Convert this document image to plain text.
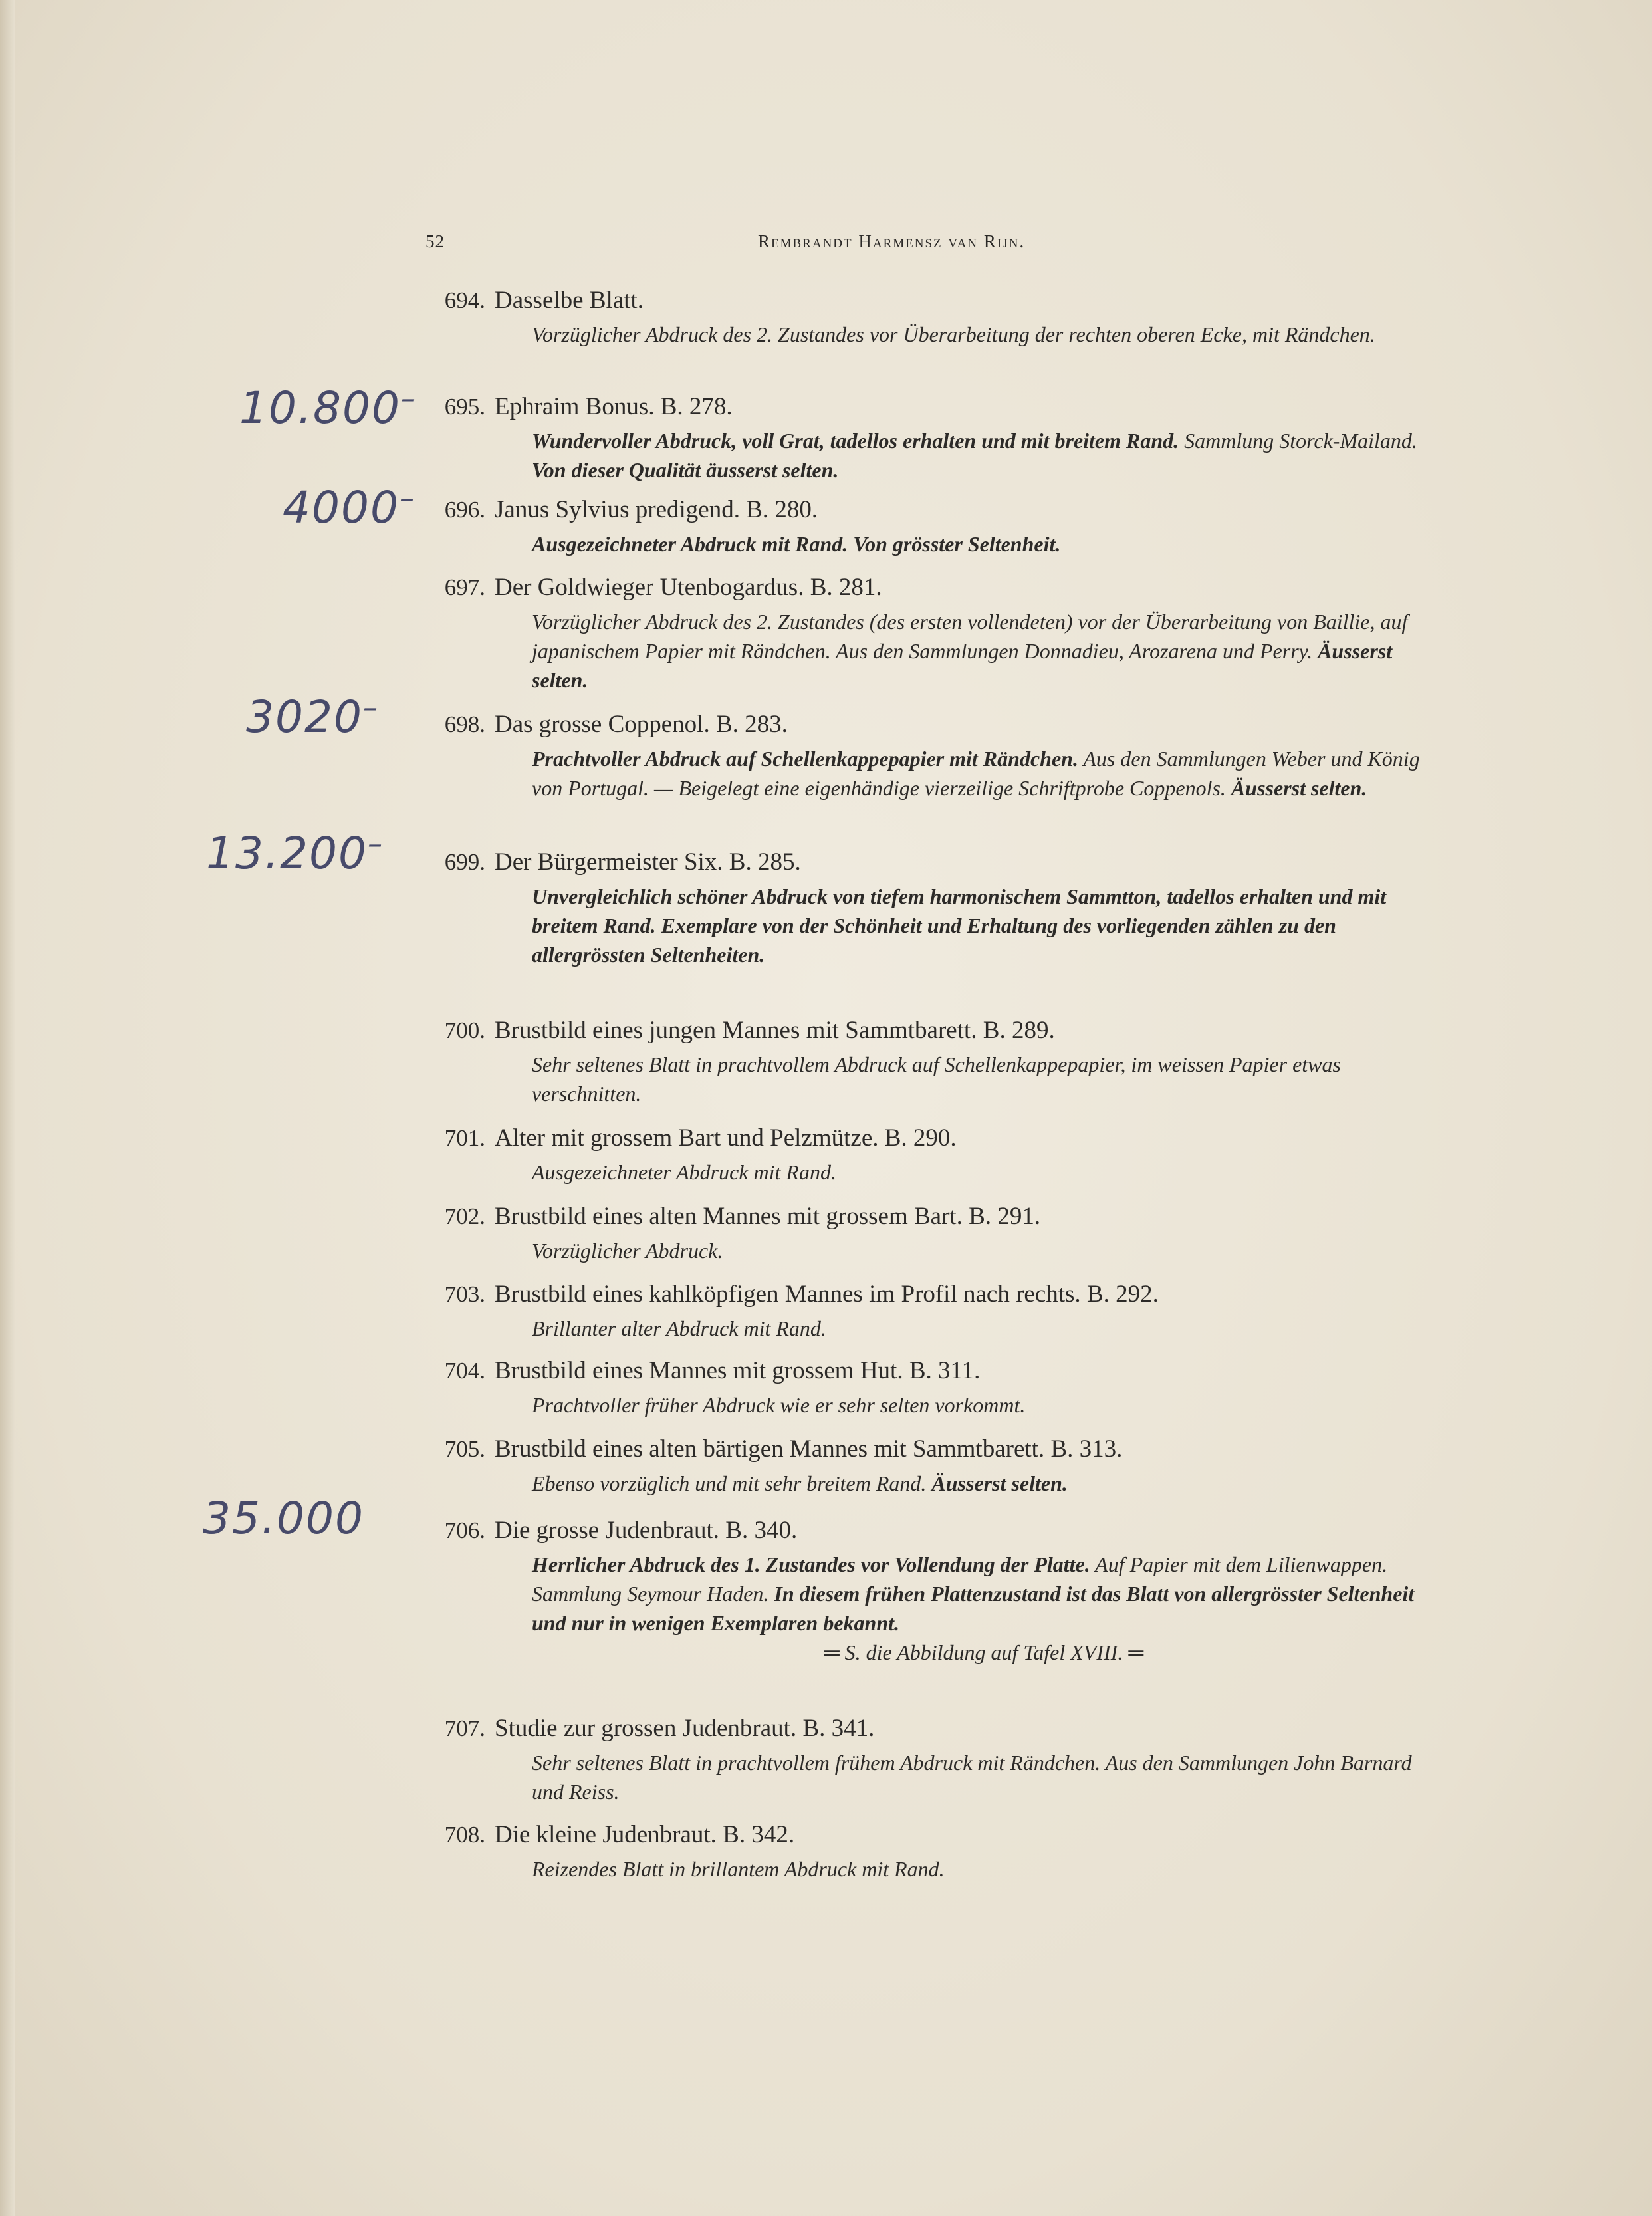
52	Rembrandt Harmensz van Rijn.
10.800–
4000–
3020–
13.200–
35.000
694. Dasselbe Blatt.
Vorzüglicher Abdruck des 2. Zustandes vor Überarbeitung der rechten oberen Ecke, mit Rändchen.
695. Ephraim Bonus. B. 278.
Wundervoller Abdruck, voll Grat, tadellos erhalten und mit breitem Rand. Sammlung Storck-Mailand. Von dieser Qualität äusserst selten.
696. Janus Sylvius predigend. B. 280.
Ausgezeichneter Abdruck mit Rand. Von grösster Seltenheit.
697. Der Goldwieger Utenbogardus. B. 281.
Vorzüglicher Abdruck des 2. Zustandes (des ersten vollendeten) vor der Überarbeitung von Baillie, auf japanischem Papier mit Rändchen. Aus den Sammlungen Donnadieu, Arozarena und Perry. Äusserst selten.
698. Das grosse Coppenol. B. 283.
Prachtvoller Abdruck auf Schellenkappepapier mit Rändchen. Aus den Sammlungen Weber und König von Portugal. — Beigelegt eine eigenhändige vierzeilige Schriftprobe Coppenols. Äusserst selten.
699. Der Bürgermeister Six. B. 285.
Unvergleichlich schöner Abdruck von tiefem harmonischem Sammtton, tadellos erhalten und mit breitem Rand. Exemplare von der Schönheit und Erhaltung des vorliegenden zählen zu den allergrössten Seltenheiten.
700. Brustbild eines jungen Mannes mit Sammtbarett. B. 289.
Sehr seltenes Blatt in prachtvollem Abdruck auf Schellenkappepapier, im weissen Papier etwas verschnitten.
701. Alter mit grossem Bart und Pelzmütze. B. 290.
Ausgezeichneter Abdruck mit Rand.
702. Brustbild eines alten Mannes mit grossem Bart. B. 291.
Vorzüglicher Abdruck.
703. Brustbild eines kahlköpfigen Mannes im Profil nach rechts. B. 292.
Brillanter alter Abdruck mit Rand.
704. Brustbild eines Mannes mit grossem Hut. B. 311.
Prachtvoller früher Abdruck wie er sehr selten vorkommt.
705. Brustbild eines alten bärtigen Mannes mit Sammtbarett. B. 313.
Ebenso vorzüglich und mit sehr breitem Rand. Äusserst selten.
706. Die grosse Judenbraut. B. 340.
Herrlicher Abdruck des 1. Zustandes vor Vollendung der Platte. Auf Papier mit dem Lilienwappen. Sammlung Seymour Haden. In diesem frühen Plattenzustand ist das Blatt von allergrösster Seltenheit und nur in wenigen Exemplaren bekannt.
═ S. die Abbildung auf Tafel XVIII. ═
707. Studie zur grossen Judenbraut. B. 341.
Sehr seltenes Blatt in prachtvollem frühem Abdruck mit Rändchen. Aus den Sammlungen John Barnard und Reiss.
708. Die kleine Judenbraut. B. 342.
Reizendes Blatt in brillantem Abdruck mit Rand.
